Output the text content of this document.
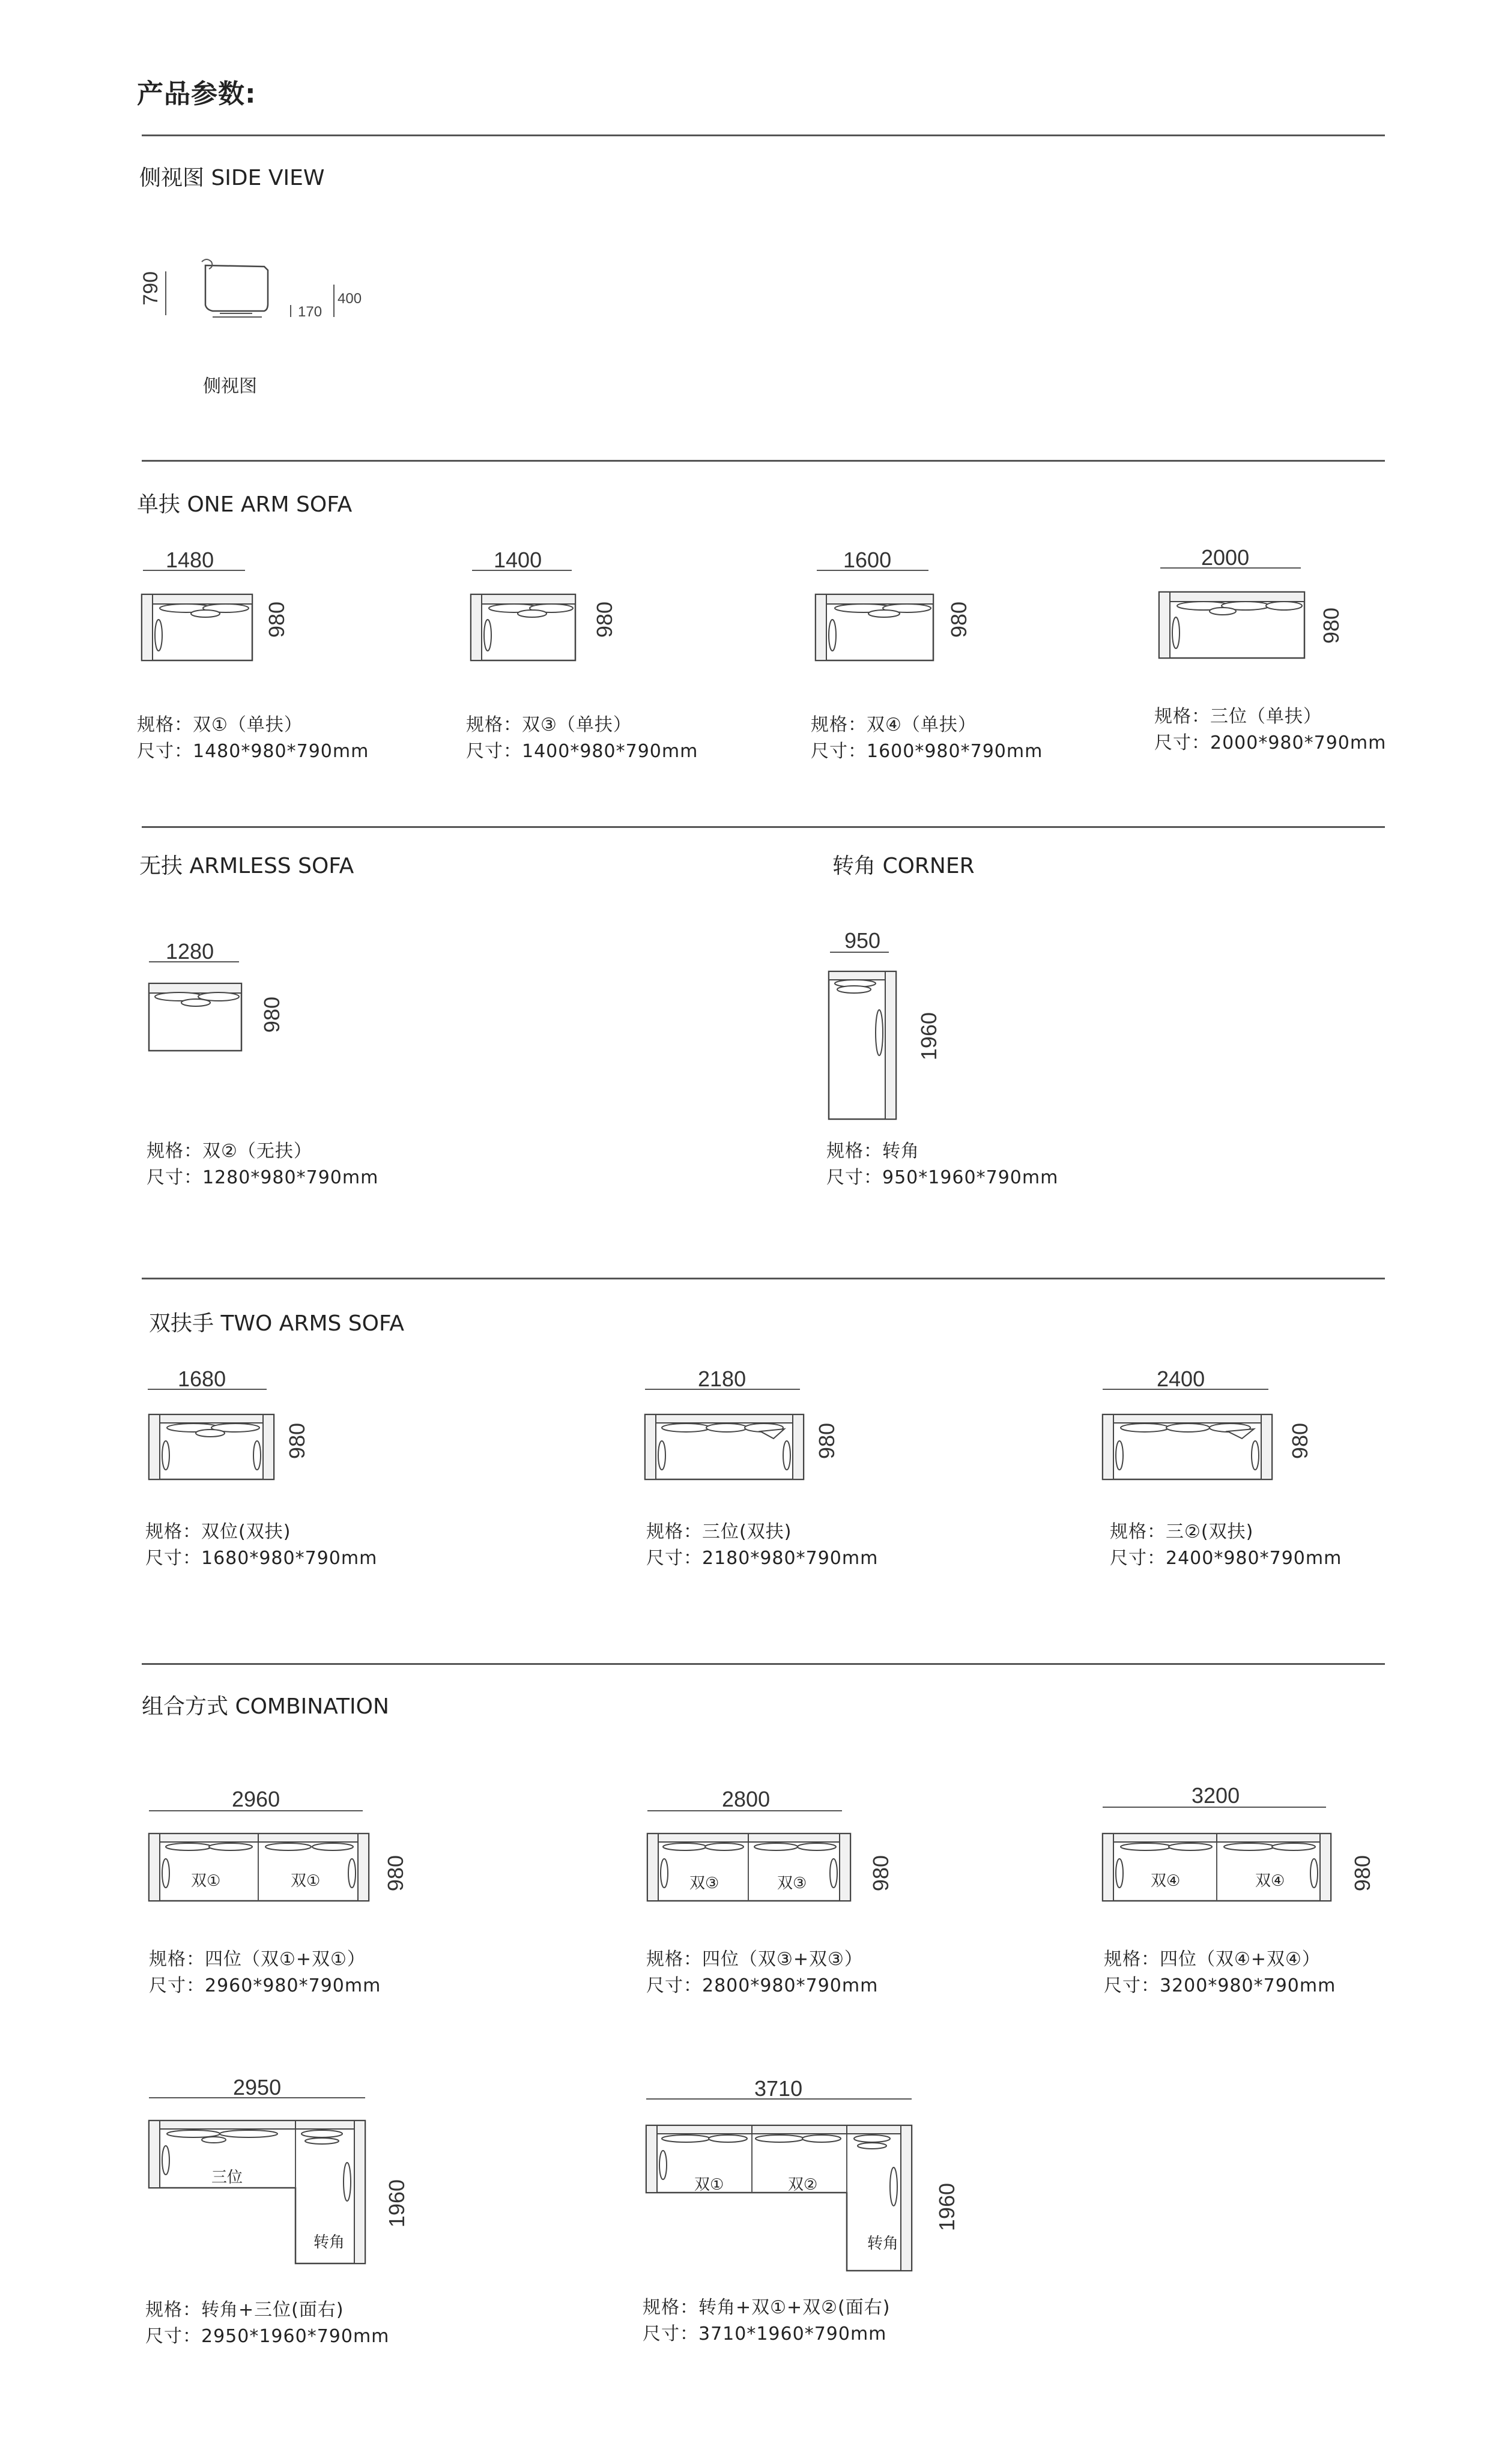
产品参数:
侧视图 SIDE VIEW
790
170
400
侧视图
单扶 ONE ARM SOFA
1480
980
规格：双①（单扶）
尺寸：1480*980*790mm
1400
980
规格：双③（单扶）
尺寸：1400*980*790mm
1600
980
规格：双④（单扶）
尺寸：1600*980*790mm
2000
980
规格：三位（单扶）
尺寸：2000*980*790mm
无扶 ARMLESS SOFA	转角 CORNER
1280
980
规格：双②（无扶）
尺寸：1280*980*790mm
950
1960
规格：转角
尺寸：950*1960*790mm
双扶手 TWO ARMS SOFA
1680
980
规格：双位(双扶)
尺寸：1680*980*790mm
2180
980
规格：三位(双扶)
尺寸：2180*980*790mm
2400
980
规格：三②(双扶)
尺寸：2400*980*790mm
组合方式 COMBINATION
2960
双①	双①	980
规格：四位（双①+双①）
尺寸：2960*980*790mm
2800
双③	双③	980
规格：四位（双③+双③）
尺寸：2800*980*790mm
3200
双④	双④	980
规格：四位（双④+双④）
尺寸：3200*980*790mm
2950
三位
转角
1960
规格：转角+三位(面右)
尺寸：2950*1960*790mm
3710
双①	双②
转角
1960
规格：转角+双①+双②(面右)
尺寸：3710*1960*790mm
